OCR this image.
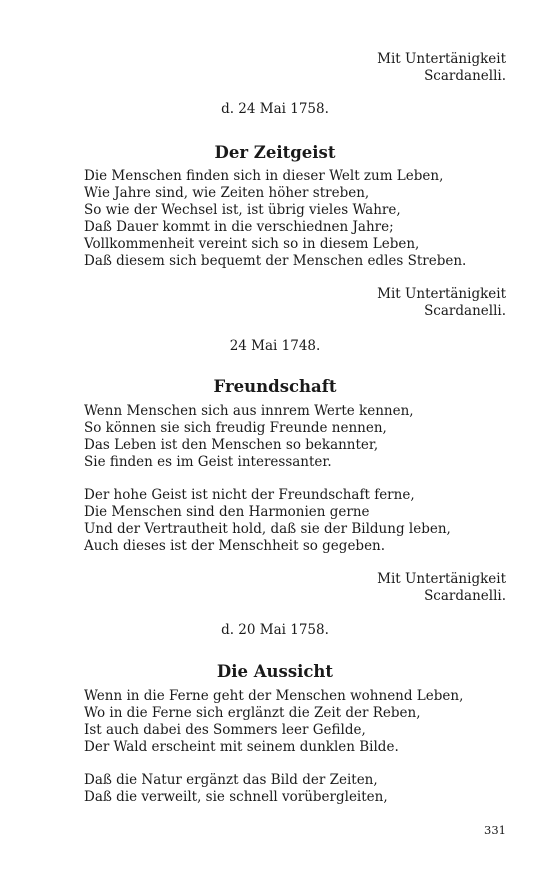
Mit Untertänigkeit
Scardanelli.
d. 24 Mai 1758.
Der Zeitgeist
Die Menschen finden sich in dieser Welt zum Leben,
Wie Jahre sind, wie Zeiten höher streben,
So wie der Wechsel ist, ist übrig vieles Wahre,
Daß Dauer kommt in die verschiednen Jahre;
Vollkommenheit vereint sich so in diesem Leben,
Daß diesem sich bequemt der Menschen edles Streben.
Mit Untertänigkeit
Scardanelli.
24 Mai 1748.
Freundschaft
Wenn Menschen sich aus innrem Werte kennen,
So können sie sich freudig Freunde nennen,
Das Leben ist den Menschen so bekannter,
Sie finden es im Geist interessanter.
Der hohe Geist ist nicht der Freundschaft ferne,
Die Menschen sind den Harmonien gerne
Und der Vertrautheit hold, daß sie der Bildung leben,
Auch dieses ist der Menschheit so gegeben.
Mit Untertänigkeit
Scardanelli.
d. 20 Mai 1758.
Die Aussicht
Wenn in die Ferne geht der Menschen wohnend Leben,
Wo in die Ferne sich erglänzt die Zeit der Reben,
Ist auch dabei des Sommers leer Gefilde,
Der Wald erscheint mit seinem dunklen Bilde.
Daß die Natur ergänzt das Bild der Zeiten,
Daß die verweilt, sie schnell vorübergleiten,
331
